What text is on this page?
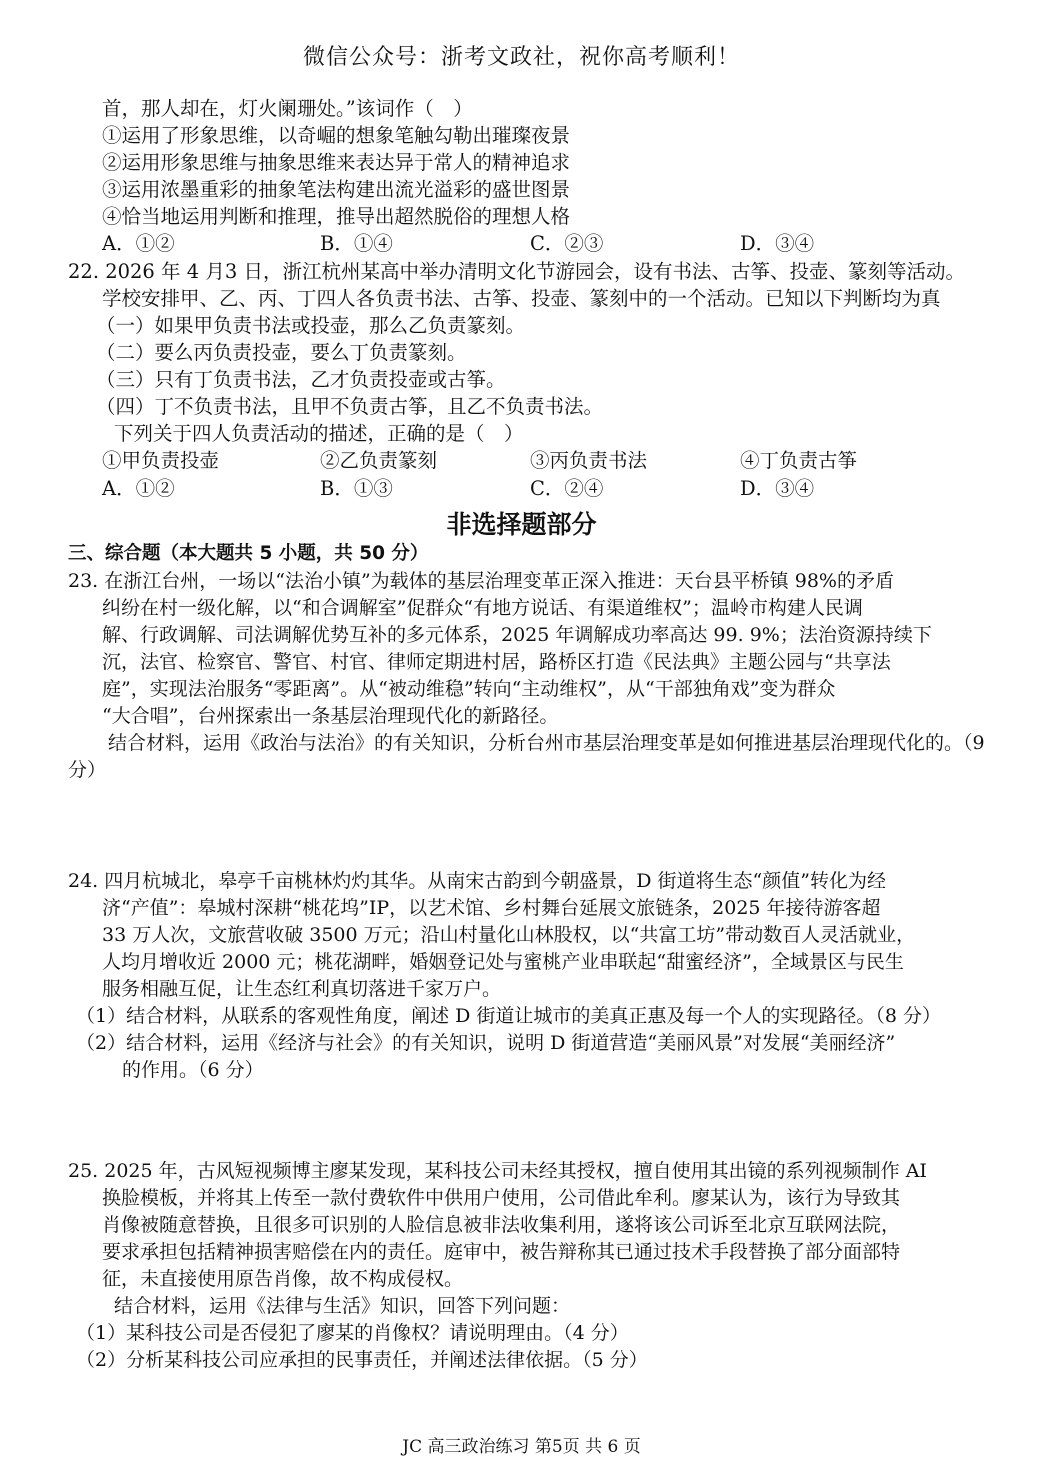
微信公众号：浙考文政社，祝你高考顺利！
首，那人却在，灯火阑珊处。”该词作（　）
①运用了形象思维，以奇崛的想象笔触勾勒出璀璨夜景
②运用形象思维与抽象思维来表达异于常人的精神追求
③运用浓墨重彩的抽象笔法构建出流光溢彩的盛世图景
④恰当地运用判断和推理，推导出超然脱俗的理想人格
A．①②	B．①④	C．②③	D．③④
22. 2026 年 4 月3 日，浙江杭州某高中举办清明文化节游园会，设有书法、古筝、投壶、篆刻等活动。
学校安排甲、乙、丙、丁四人各负责书法、古筝、投壶、篆刻中的一个活动。已知以下判断均为真
（一）如果甲负责书法或投壶，那么乙负责篆刻。
（二）要么丙负责投壶，要么丁负责篆刻。
（三）只有丁负责书法，乙才负责投壶或古筝。
（四）丁不负责书法，且甲不负责古筝，且乙不负责书法。
下列关于四人负责活动的描述，正确的是（　）
①甲负责投壶	②乙负责篆刻	③丙负责书法	④丁负责古筝
A．①②	B．①③	C．②④	D．③④
非选择题部分
三、综合题（本大题共 5 小题，共 50 分）
23. 在浙江台州，一场以“法治小镇”为载体的基层治理变革正深入推进：天台县平桥镇 98%的矛盾
纠纷在村一级化解，以“和合调解室”促群众“有地方说话、有渠道维权”；温岭市构建人民调
解、行政调解、司法调解优势互补的多元体系，2025 年调解成功率高达 99. 9%；法治资源持续下
沉，法官、检察官、警官、村官、律师定期进村居，路桥区打造《民法典》主题公园与“共享法
庭”，实现法治服务“零距离”。从“被动维稳”转向“主动维权”，从“干部独角戏”变为群众
“大合唱”，台州探索出一条基层治理现代化的新路径。
结合材料，运用《政治与法治》的有关知识，分析台州市基层治理变革是如何推进基层治理现代化的。（9
分）
24. 四月杭城北，皋亭千亩桃林灼灼其华。从南宋古韵到今朝盛景，D 街道将生态“颜值”转化为经
济“产值”：皋城村深耕“桃花坞”IP，以艺术馆、乡村舞台延展文旅链条，2025 年接待游客超
33 万人次，文旅营收破 3500 万元；沿山村量化山林股权，以“共富工坊”带动数百人灵活就业，
人均月增收近 2000 元；桃花湖畔，婚姻登记处与蜜桃产业串联起“甜蜜经济”，全域景区与民生
服务相融互促，让生态红利真切落进千家万户。
（1）结合材料，从联系的客观性角度，阐述 D 街道让城市的美真正惠及每一个人的实现路径。（8 分）
（2）结合材料，运用《经济与社会》的有关知识，说明 D 街道营造“美丽风景”对发展“美丽经济”
的作用。（6 分）
25. 2025 年，古风短视频博主廖某发现，某科技公司未经其授权，擅自使用其出镜的系列视频制作 AI
换脸模板，并将其上传至一款付费软件中供用户使用，公司借此牟利。廖某认为，该行为导致其
肖像被随意替换，且很多可识别的人脸信息被非法收集利用，遂将该公司诉至北京互联网法院，
要求承担包括精神损害赔偿在内的责任。庭审中，被告辩称其已通过技术手段替换了部分面部特
征，未直接使用原告肖像，故不构成侵权。
结合材料，运用《法律与生活》知识，回答下列问题：
（1）某科技公司是否侵犯了廖某的肖像权？请说明理由。（4 分）
（2）分析某科技公司应承担的民事责任，并阐述法律依据。（5 分）
JC 高三政治练习 第5页 共 6 页
